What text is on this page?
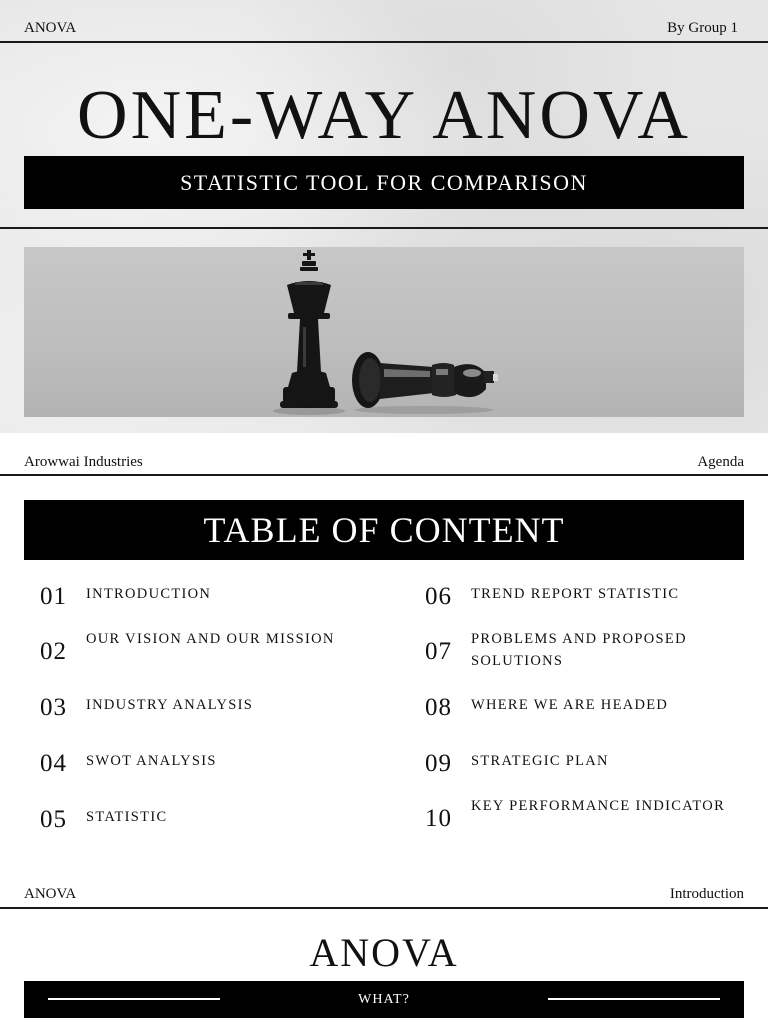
ANOVA	By Group 1
ONE-WAY ANOVA
STATISTIC TOOL FOR COMPARISON
Arowwai Industries	Agenda
TABLE OF CONTENT
01	INTRODUCTION
02	OUR VISION AND OUR MISSION
03	INDUSTRY ANALYSIS
04	SWOT ANALYSIS
05	STATISTIC
06	TREND REPORT STATISTIC
07	PROBLEMS AND PROPOSED SOLUTIONS
08	WHERE WE ARE HEADED
09	STRATEGIC PLAN
10	KEY PERFORMANCE INDICATOR
ANOVA	Introduction
ANOVA
WHAT?
